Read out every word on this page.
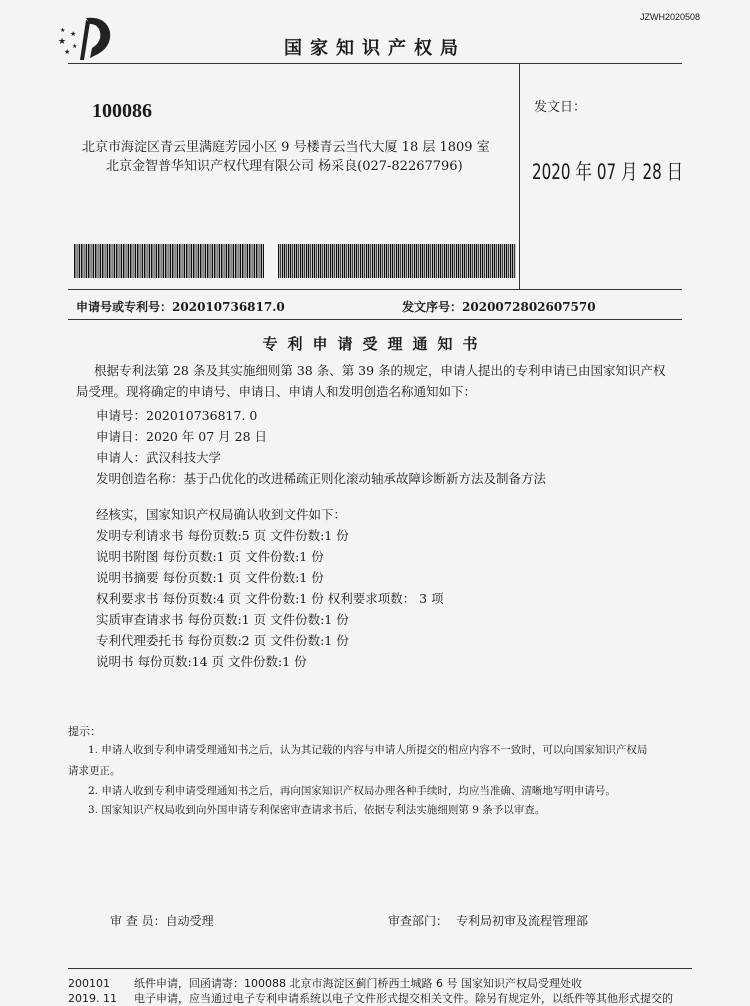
★
★
★
★
★
JZWH2020508
国家知识产权局
100086
北京市海淀区青云里满庭芳园小区 9 号楼青云当代大厦 18 层 1809 室
北京金智普华知识产权代理有限公司 杨采良(027-82267796)
发文日：
2020 年 07 月 28 日
申请号或专利号：202010736817.0	发文序号：2020072802607570
专利申请受理通知书
根据专利法第 28 条及其实施细则第 38 条、第 39 条的规定，申请人提出的专利申请已由国家知识产权局受理。现将确定的申请号、申请日、申请人和发明创造名称通知如下：
申请号：202010736817. 0
申请日：2020 年 07 月 28 日
申请人：武汉科技大学
发明创造名称：基于凸优化的改进稀疏正则化滚动轴承故障诊断新方法及制备方法
经核实，国家知识产权局确认收到文件如下：
发明专利请求书 每份页数:5 页 文件份数:1 份
说明书附图 每份页数:1 页 文件份数:1 份
说明书摘要 每份页数:1 页 文件份数:1 份
权利要求书 每份页数:4 页 文件份数:1 份 权利要求项数： 3 项
实质审查请求书 每份页数:1 页 文件份数:1 份
专利代理委托书 每份页数:2 页 文件份数:1 份
说明书 每份页数:14 页 文件份数:1 份
提示：
1. 申请人收到专利申请受理通知书之后，认为其记载的内容与申请人所提交的相应内容不一致时，可以向国家知识产权局
请求更正。
2. 申请人收到专利申请受理通知书之后，再向国家知识产权局办理各种手续时，均应当准确、清晰地写明申请号。
3. 国家知识产权局收到向外国申请专利保密审查请求书后，依据专利法实施细则第 9 条予以审查。
审 查 员：自动受理	审查部门： 专利局初审及流程管理部
200101 纸件申请，回函请寄：100088 北京市海淀区蓟门桥西土城路 6 号 国家知识产权局受理处收
2019. 11 电子申请，应当通过电子专利申请系统以电子文件形式提交相关文件。除另有规定外，以纸件等其他形式提交的
